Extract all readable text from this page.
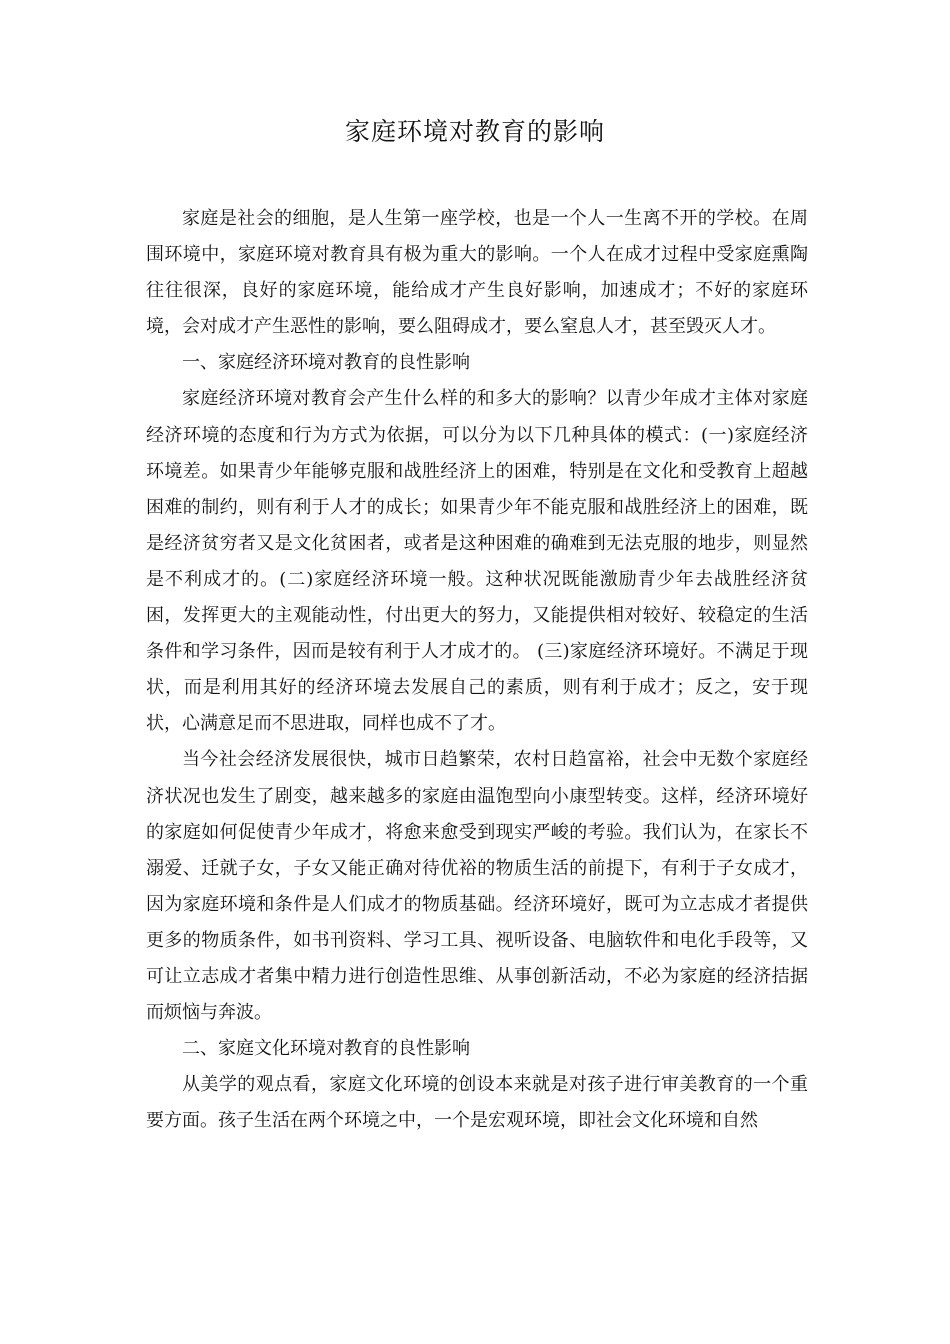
家庭环境对教育的影响

家庭是社会的细胞，是人生第一座学校，也是一个人一生离不开的学校。在周围环境中，家庭环境对教育具有极为重大的影响。一个人在成才过程中受家庭熏陶往往很深，良好的家庭环境，能给成才产生良好影响，加速成才；不好的家庭环境，会对成才产生恶性的影响，要么阻碍成才，要么窒息人才，甚至毁灭人才。

一、家庭经济环境对教育的良性影响

家庭经济环境对教育会产生什么样的和多大的影响？以青少年成才主体对家庭经济环境的态度和行为方式为依据，可以分为以下几种具体的模式：(一)家庭经济环境差。如果青少年能够克服和战胜经济上的困难，特别是在文化和受教育上超越困难的制约，则有利于人才的成长；如果青少年不能克服和战胜经济上的困难，既是经济贫穷者又是文化贫困者，或者是这种困难的确难到无法克服的地步，则显然是不利成才的。(二)家庭经济环境一般。这种状况既能激励青少年去战胜经济贫困，发挥更大的主观能动性，付出更大的努力，又能提供相对较好、较稳定的生活条件和学习条件，因而是较有利于人才成才的。 (三)家庭经济环境好。不满足于现状，而是利用其好的经济环境去发展自己的素质，则有利于成才；反之，安于现状，心满意足而不思进取，同样也成不了才。

当今社会经济发展很快，城市日趋繁荣，农村日趋富裕，社会中无数个家庭经济状况也发生了剧变，越来越多的家庭由温饱型向小康型转变。这样，经济环境好的家庭如何促使青少年成才，将愈来愈受到现实严峻的考验。我们认为，在家长不溺爱、迁就子女，子女又能正确对待优裕的物质生活的前提下，有利于子女成才，因为家庭环境和条件是人们成才的物质基础。经济环境好，既可为立志成才者提供更多的物质条件，如书刊资料、学习工具、视听设备、电脑软件和电化手段等，又可让立志成才者集中精力进行创造性思维、从事创新活动，不必为家庭的经济拮据而烦恼与奔波。

二、家庭文化环境对教育的良性影响

从美学的观点看，家庭文化环境的创设本来就是对孩子进行审美教育的一个重要方面。孩子生活在两个环境之中，一个是宏观环境，即社会文化环境和自然
